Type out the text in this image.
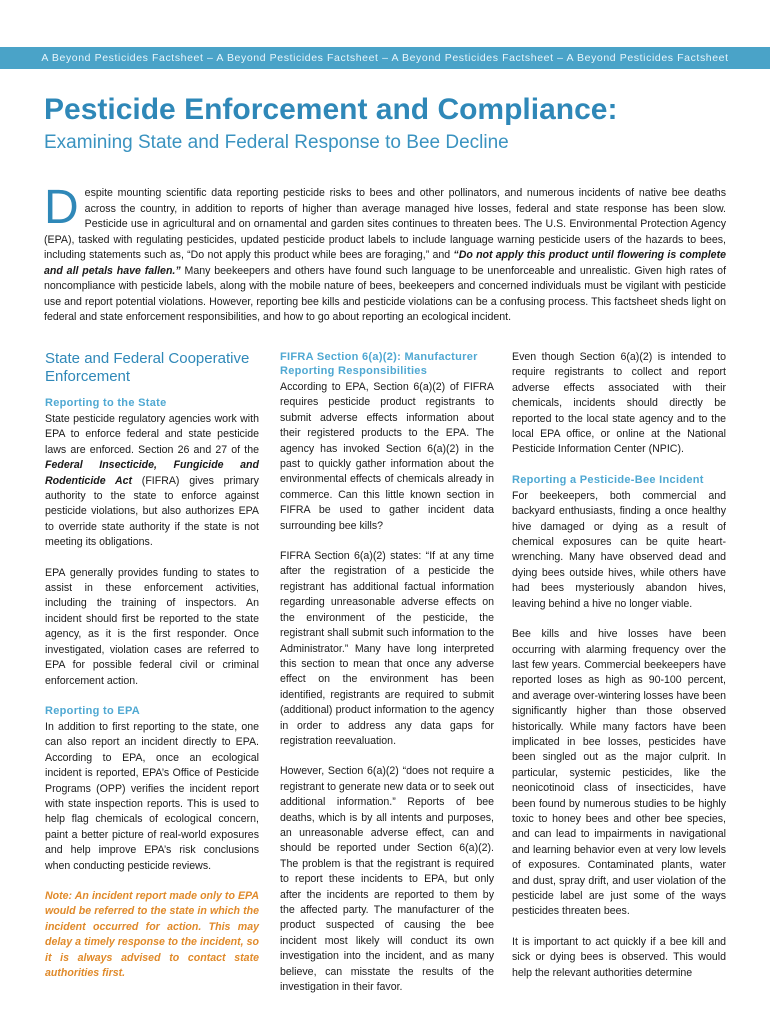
A Beyond Pesticides Factsheet – A Beyond Pesticides Factsheet – A Beyond Pesticides Factsheet – A Beyond Pesticides Factsheet
Pesticide Enforcement and Compliance:
Examining State and Federal Response to Bee Decline

Despite mounting scientific data reporting pesticide risks to bees and other pollinators, and numerous incidents of native bee deaths across the country, in addition to reports of higher than average managed hive losses, federal and state response has been slow. Pesticide use in agricultural and on ornamental and garden sites continues to threaten bees. The U.S. Environmental Protection Agency (EPA), tasked with regulating pesticides, updated pesticide product labels to include language warning pesticide users of the hazards to bees, including statements such as, “Do not apply this product while bees are foraging,” and “Do not apply this product until flowering is complete and all petals have fallen.” Many beekeepers and others have found such language to be unenforceable and unrealistic. Given high rates of noncompliance with pesticide labels, along with the mobile nature of bees, beekeepers and concerned individuals must be vigilant with pesticide use and report potential violations. However, reporting bee kills and pesticide violations can be a confusing process. This factsheet sheds light on federal and state enforcement responsibilities, and how to go about reporting an ecological incident.

State and Federal Cooperative Enforcement
Reporting to the State

State pesticide regulatory agencies work with EPA to enforce federal and state pesticide laws are enforced. Section 26 and 27 of the Federal Insecticide, Fungicide and Rodenticide Act (FIFRA) gives primary authority to the state to enforce against pesticide violations, but also authorizes EPA to override state authority if the state is not meeting its obligations.

EPA generally provides funding to states to assist in these enforcement activities, including the training of inspectors. An incident should first be reported to the state agency, as it is the first responder. Once investigated, violation cases are referred to EPA for possible federal civil or criminal enforcement action.

Reporting to EPA

In addition to first reporting to the state, one can also report an incident directly to EPA. According to EPA, once an ecological incident is reported, EPA’s Office of Pesticide Programs (OPP) verifies the incident report with state inspection reports. This is used to help flag chemicals of ecological concern, paint a better picture of real-world exposures and help improve EPA’s risk conclusions when conducting pesticide reviews.

Note: An incident report made only to EPA would be referred to the state in which the incident occurred for action. This may delay a timely response to the incident, so it is always advised to contact state authorities first.

FIFRA Section 6(a)(2): Manufacturer Reporting Responsibilities

According to EPA, Section 6(a)(2) of FIFRA requires pesticide product registrants to submit adverse effects information about their registered products to the EPA. The agency has invoked Section 6(a)(2) in the past to quickly gather information about the environmental effects of chemicals already in commerce. Can this little known section in FIFRA be used to gather incident data surrounding bee kills?

FIFRA Section 6(a)(2) states: “If at any time after the registration of a pesticide the registrant has additional factual information regarding unreasonable adverse effects on the environment of the pesticide, the registrant shall submit such information to the Administrator.” Many have long interpreted this section to mean that once any adverse effect on the environment has been identified, registrants are required to submit (additional) product information to the agency in order to address any data gaps for registration reevaluation.

However, Section 6(a)(2) “does not require a registrant to generate new data or to seek out additional information.” Reports of bee deaths, which is by all intents and purposes, an unreasonable adverse effect, can and should be reported under Section 6(a)(2). The problem is that the registrant is required to report these incidents to EPA, but only after the incidents are reported to them by the affected party. The manufacturer of the product suspected of causing the bee incident most likely will conduct its own investigation into the incident, and as many believe, can misstate the results of the investigation in their favor.

Even though Section 6(a)(2) is intended to require registrants to collect and report adverse effects associated with their chemicals, incidents should directly be reported to the local state agency and to the local EPA office, or online at the National Pesticide Information Center (NPIC).

Reporting a Pesticide-Bee Incident

For beekeepers, both commercial and backyard enthusiasts, finding a once healthy hive damaged or dying as a result of chemical exposures can be quite heart-wrenching. Many have observed dead and dying bees outside hives, while others have had bees mysteriously abandon hives, leaving behind a hive no longer viable.

Bee kills and hive losses have been occurring with alarming frequency over the last few years. Commercial beekeepers have reported loses as high as 90-100 percent, and average over-wintering losses have been significantly higher than those observed historically. While many factors have been implicated in bee losses, pesticides have been singled out as the major culprit. In particular, systemic pesticides, like the neonicotinoid class of insecticides, have been found by numerous studies to be highly toxic to honey bees and other bee species, and can lead to impairments in navigational and learning behavior even at very low levels of exposures. Contaminated plants, water and dust, spray drift, and user violation of the pesticide label are just some of the ways pesticides threaten bees.

It is important to act quickly if a bee kill and sick or dying bees is observed. This would help the relevant authorities determine
